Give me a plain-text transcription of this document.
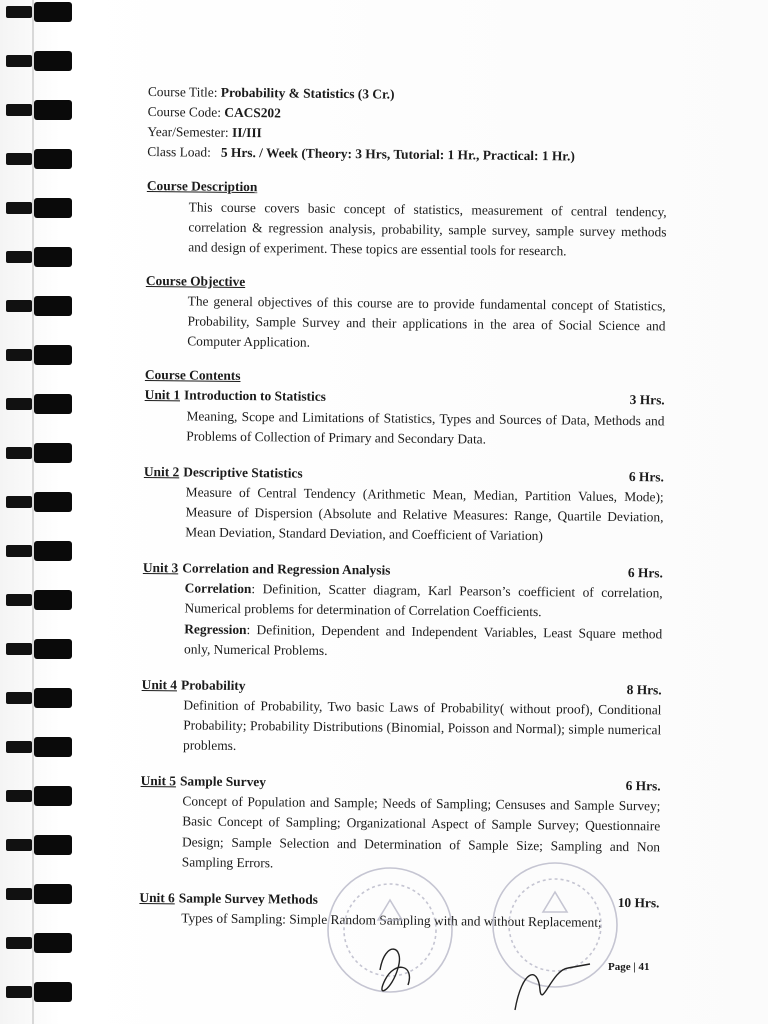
Course Title: Probability & Statistics (3 Cr.)
Course Code: CACS202
Year/Semester: II/III
Class Load: 5 Hrs. / Week (Theory: 3 Hrs, Tutorial: 1 Hr., Practical: 1 Hr.)
Course Description
This course covers basic concept of statistics, measurement of central tendency, correlation & regression analysis, probability, sample survey, sample survey methods and design of experiment. These topics are essential tools for research.
Course Objective
The general objectives of this course are to provide fundamental concept of Statistics, Probability, Sample Survey and their applications in the area of Social Science and Computer Application.
Course Contents
Unit 1 Introduction to Statistics	3 Hrs.
Meaning, Scope and Limitations of Statistics, Types and Sources of Data, Methods and Problems of Collection of Primary and Secondary Data.
Unit 2 Descriptive Statistics	6 Hrs.
Measure of Central Tendency (Arithmetic Mean, Median, Partition Values, Mode); Measure of Dispersion (Absolute and Relative Measures: Range, Quartile Deviation, Mean Deviation, Standard Deviation, and Coefficient of Variation)
Unit 3 Correlation and Regression Analysis	6 Hrs.
Correlation: Definition, Scatter diagram, Karl Pearson’s coefficient of correlation, Numerical problems for determination of Correlation Coefficients.
Regression: Definition, Dependent and Independent Variables, Least Square method only, Numerical Problems.
Unit 4 Probability	8 Hrs.
Definition of Probability, Two basic Laws of Probability( without proof), Conditional Probability; Probability Distributions (Binomial, Poisson and Normal); simple numerical problems.
Unit 5 Sample Survey	6 Hrs.
Concept of Population and Sample; Needs of Sampling; Censuses and Sample Survey; Basic Concept of Sampling; Organizational Aspect of Sample Survey; Questionnaire Design; Sample Selection and Determination of Sample Size; Sampling and Non Sampling Errors.
Unit 6 Sample Survey Methods	10 Hrs.
Types of Sampling: Simple Random Sampling with and without Replacement;
Page | 41
